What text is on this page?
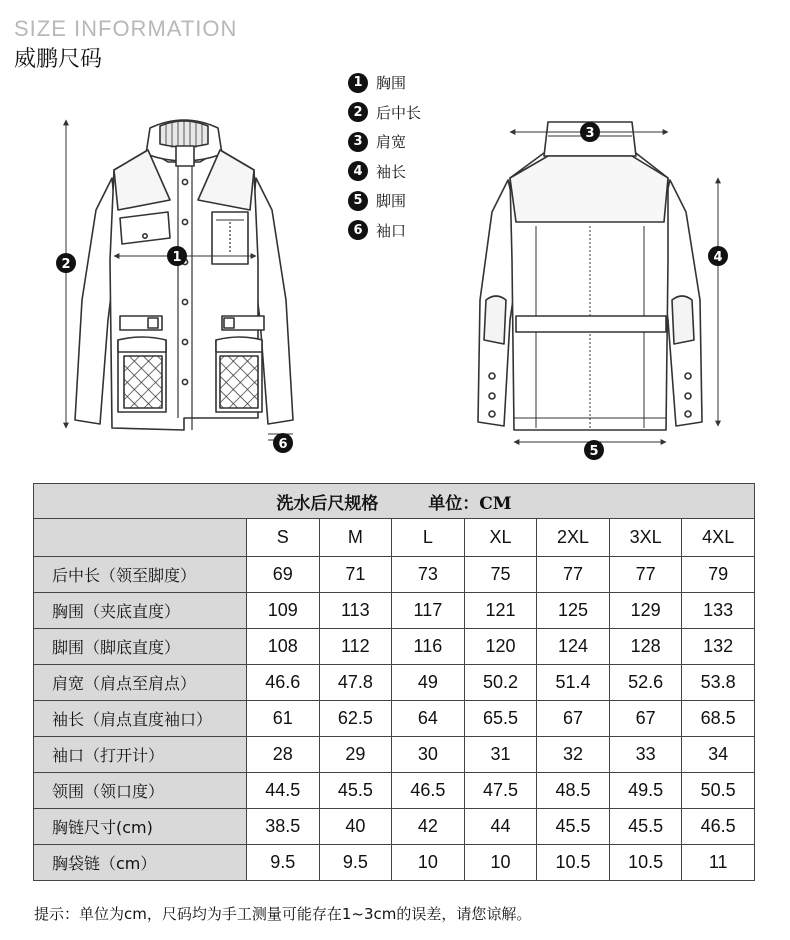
SIZE INFORMATION
威鹏尺码
1 胸围
2 后中长
3 肩宽
4 袖长
5 脚围
6 袖口
1
2
3
4
5
6
洗水后尺规格 单位：CM							
	S	M	L	XL	2XL	3XL	4XL
后中长（领至脚度）	69	71	73	75	77	77	79
胸围（夹底直度）	109	113	117	121	125	129	133
脚围（脚底直度）	108	112	116	120	124	128	132
肩宽（肩点至肩点）	46.6	47.8	49	50.2	51.4	52.6	53.8
袖长（肩点直度袖口）	61	62.5	64	65.5	67	67	68.5
袖口（打开计）	28	29	30	31	32	33	34
领围（领口度）	44.5	45.5	46.5	47.5	48.5	49.5	50.5
胸链尺寸(cm)	38.5	40	42	44	45.5	45.5	46.5
胸袋链（cm）	9.5	9.5	10	10	10.5	10.5	11
提示：单位为cm，尺码均为手工测量可能存在1~3cm的误差，请您谅解。
